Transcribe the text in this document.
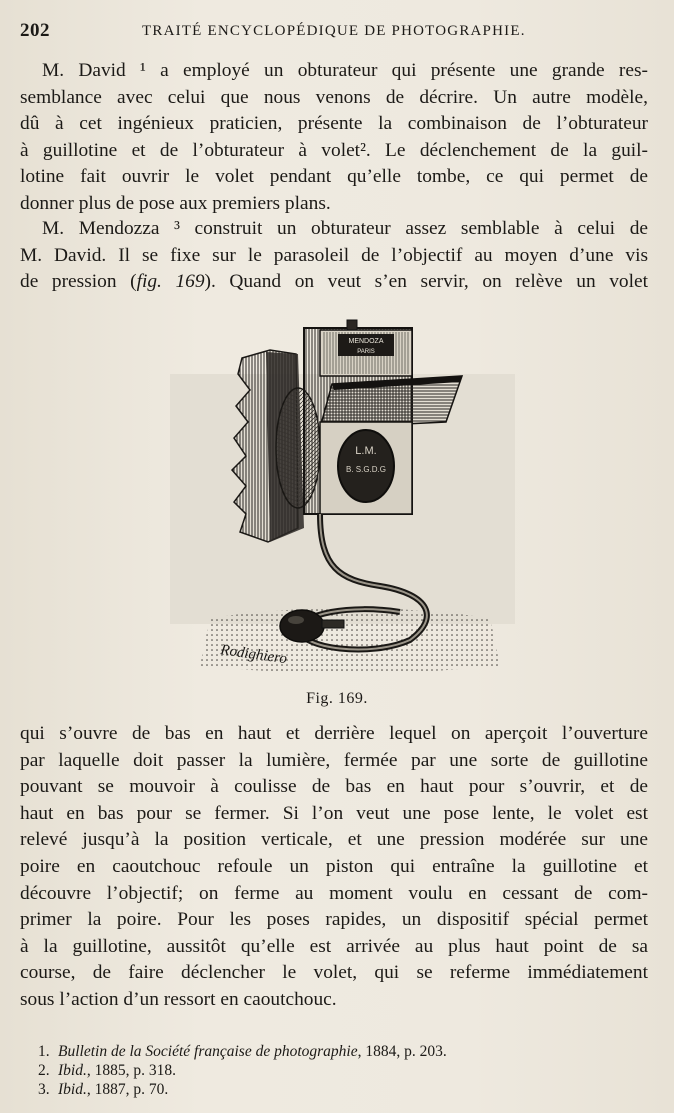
202	TRAITÉ ENCYCLOPÉDIQUE DE PHOTOGRAPHIE.
M. David ¹ a employé un obturateur qui présente une grande res-
semblance avec celui que nous venons de décrire. Un autre modèle,
dû à cet ingénieux praticien, présente la combinaison de l’obturateur
à guillotine et de l’obturateur à volet². Le déclenchement de la guil-
lotine fait ouvrir le volet pendant qu’elle tombe, ce qui permet de
donner plus de pose aux premiers plans.
M. Mendozza ³ construit un obturateur assez semblable à celui de
M. David. Il se fixe sur le parasoleil de l’objectif au moyen d’une vis
de pression (fig. 169). Quand on veut s’en servir, on relève un volet
MENDOZA
PARIS
L.M.
B. S.G.D.G
Rodighiero
Fig. 169.
qui s’ouvre de bas en haut et derrière lequel on aperçoit l’ouverture
par laquelle doit passer la lumière, fermée par une sorte de guillotine
pouvant se mouvoir à coulisse de bas en haut pour s’ouvrir, et de
haut en bas pour se fermer. Si l’on veut une pose lente, le volet est
relevé jusqu’à la position verticale, et une pression modérée sur une
poire en caoutchouc refoule un piston qui entraîne la guillotine et
découvre l’objectif; on ferme au moment voulu en cessant de com-
primer la poire. Pour les poses rapides, un dispositif spécial permet
à la guillotine, aussitôt qu’elle est arrivée au plus haut point de sa
course, de faire déclencher le volet, qui se referme immédiatement
sous l’action d’un ressort en caoutchouc.
1. Bulletin de la Société française de photographie, 1884, p. 203.
2. Ibid., 1885, p. 318.
3. Ibid., 1887, p. 70.
